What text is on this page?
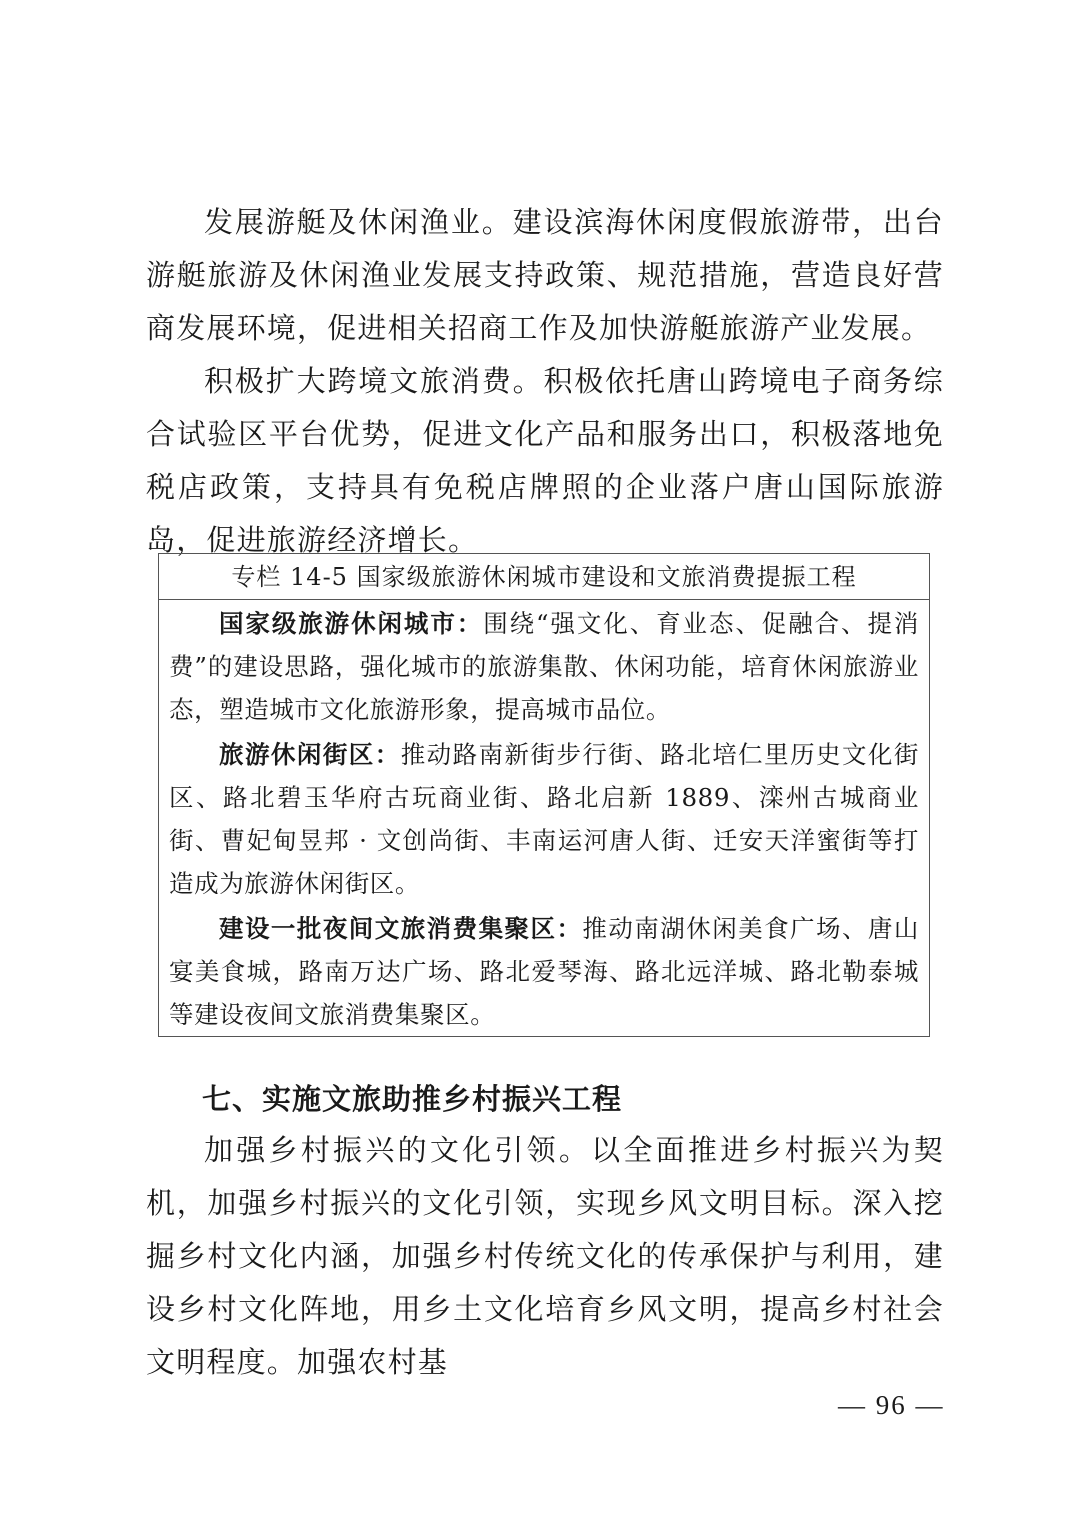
发展游艇及休闲渔业。建设滨海休闲度假旅游带，出台游艇旅游及休闲渔业发展支持政策、规范措施，营造良好营商发展环境，促进相关招商工作及加快游艇旅游产业发展。

积极扩大跨境文旅消费。积极依托唐山跨境电子商务综合试验区平台优势，促进文化产品和服务出口，积极落地免税店政策，支持具有免税店牌照的企业落户唐山国际旅游岛，促进旅游经济增长。

专栏 14-5 国家级旅游休闲城市建设和文旅消费提振工程

国家级旅游休闲城市：围绕“强文化、育业态、促融合、提消费”的建设思路，强化城市的旅游集散、休闲功能，培育休闲旅游业态，塑造城市文化旅游形象，提高城市品位。

旅游休闲街区：推动路南新街步行街、路北培仁里历史文化街区、路北碧玉华府古玩商业街、路北启新 1889、滦州古城商业街、曹妃甸昱邦 · 文创尚街、丰南运河唐人街、迁安天洋蜜街等打造成为旅游休闲街区。

建设一批夜间文旅消费集聚区：推动南湖休闲美食广场、唐山宴美食城，路南万达广场、路北爱琴海、路北远洋城、路北勒泰城等建设夜间文旅消费集聚区。

七、实施文旅助推乡村振兴工程

加强乡村振兴的文化引领。以全面推进乡村振兴为契机，加强乡村振兴的文化引领，实现乡风文明目标。深入挖掘乡村文化内涵，加强乡村传统文化的传承保护与利用，建设乡村文化阵地，用乡土文化培育乡风文明，提高乡村社会文明程度。加强农村基

— 96 —
